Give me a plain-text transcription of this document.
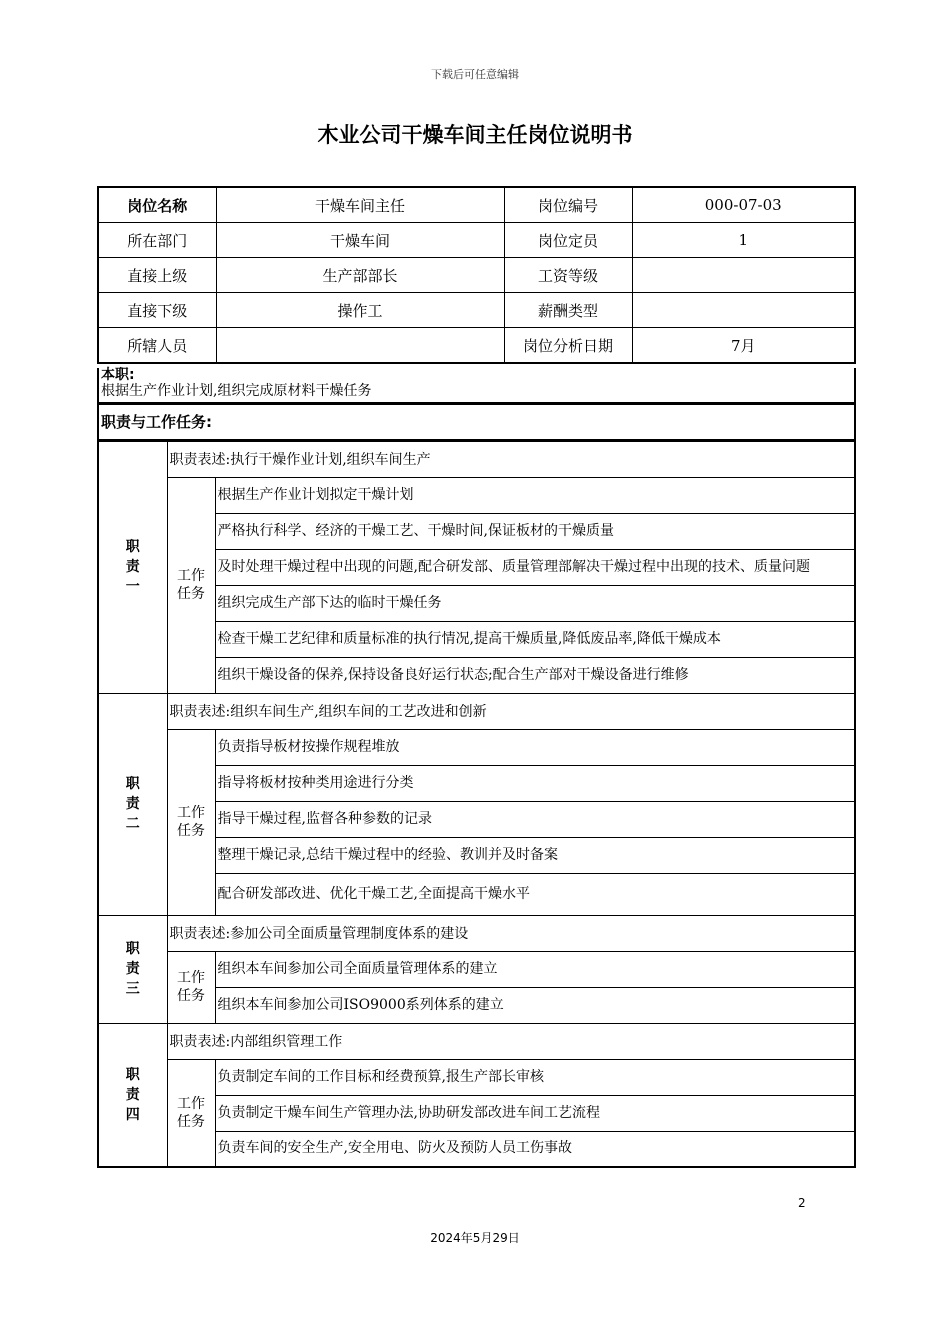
下载后可任意编辑
木业公司干燥车间主任岗位说明书
岗位名称	干燥车间主任	岗位编号	000-07-03
所在部门	干燥车间	岗位定员	1
直接上级	生产部部长	工资等级	
直接下级	操作工	薪酬类型	
所辖人员		岗位分析日期	7月
本职:
根据生产作业计划,组织完成原材料干燥任务
职责与工作任务:
职
责
一	职责表述:执行干燥作业计划,组织车间生产	

	工作
任务	根据生产作业计划拟定干燥计划
		严格执行科学、经济的干燥工艺、干燥时间,保证板材的干燥质量
		及时处理干燥过程中出现的问题,配合研发部、质量管理部解决干燥过程中出现的技术、质量问题
		组织完成生产部下达的临时干燥任务
		检查干燥工艺纪律和质量标准的执行情况,提高干燥质量,降低废品率,降低干燥成本
		组织干燥设备的保养,保持设备良好运行状态;配合生产部对干燥设备进行维修

职
责
二	职责表述:组织车间生产,组织车间的工艺改进和创新	

	工作
任务	负责指导板材按操作规程堆放
		指导将板材按种类用途进行分类
		指导干燥过程,监督各种参数的记录
		整理干燥记录,总结干燥过程中的经验、教训并及时备案
		配合研发部改进、优化干燥工艺,全面提高干燥水平

职
责
三	职责表述:参加公司全面质量管理制度体系的建设	

	工作
任务	组织本车间参加公司全面质量管理体系的建立
		组织本车间参加公司ISO9000系列体系的建立

职
责
四	职责表述:内部组织管理工作	

	工作
任务	负责制定车间的工作目标和经费预算,报生产部长审核
		负责制定干燥车间生产管理办法,协助研发部改进车间工艺流程
		负责车间的安全生产,安全用电、防火及预防人员工伤事故
2
2024年5月29日
